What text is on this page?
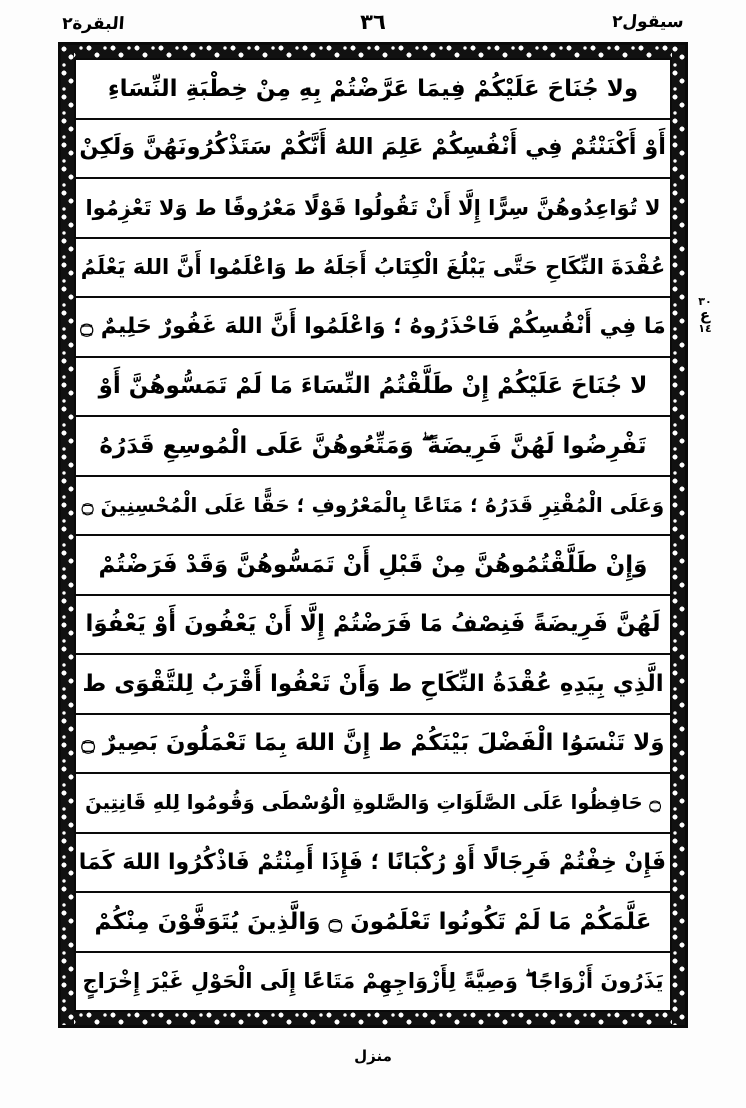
البقرة٢	٣٦	سيقول٢
ولا جُنَاحَ عَلَيْكُمْ فِيمَا عَرَّضْتُمْ بِهِ مِنْ خِطْبَةِ النِّسَاءِ
أَوْ أَكْنَنْتُمْ فِي أَنْفُسِكُمْ عَلِمَ اللهُ أَنَّكُمْ سَتَذْكُرُونَهُنَّ وَلَكِنْ
لا تُوَاعِدُوهُنَّ سِرًّا إِلَّا أَنْ تَقُولُوا قَوْلًا مَعْرُوفًا ط وَلا تَعْزِمُوا
عُقْدَةَ النِّكَاحِ حَتَّى يَبْلُغَ الْكِتَابُ أَجَلَهُ ط وَاعْلَمُوا أَنَّ اللهَ يَعْلَمُ
مَا فِي أَنْفُسِكُمْ فَاحْذَرُوهُ ؛ وَاعْلَمُوا أَنَّ اللهَ غَفُورٌ حَلِيمٌ ۝
لا جُنَاحَ عَلَيْكُمْ إِنْ طَلَّقْتُمُ النِّسَاءَ مَا لَمْ تَمَسُّوهُنَّ أَوْ
تَفْرِضُوا لَهُنَّ فَرِيضَةً ۖ وَمَتِّعُوهُنَّ عَلَى الْمُوسِعِ قَدَرُهُ
وَعَلَى الْمُقْتِرِ قَدَرُهُ ؛ مَتَاعًا بِالْمَعْرُوفِ ؛ حَقًّا عَلَى الْمُحْسِنِينَ ۝
وَإِنْ طَلَّقْتُمُوهُنَّ مِنْ قَبْلِ أَنْ تَمَسُّوهُنَّ وَقَدْ فَرَضْتُمْ
لَهُنَّ فَرِيضَةً فَنِصْفُ مَا فَرَضْتُمْ إِلَّا أَنْ يَعْفُونَ أَوْ يَعْفُوَا
الَّذِي بِيَدِهِ عُقْدَةُ النِّكَاحِ ط وَأَنْ تَعْفُوا أَقْرَبُ لِلتَّقْوَى ط
وَلا تَنْسَوُا الْفَضْلَ بَيْنَكُمْ ط إِنَّ اللهَ بِمَا تَعْمَلُونَ بَصِيرٌ ۝
۝ حَافِظُوا عَلَى الصَّلَوَاتِ وَالصَّلوةِ الْوُسْطَى وَقُومُوا لِلهِ قَانِتِينَ
فَإِنْ خِفْتُمْ فَرِجَالًا أَوْ رُكْبَانًا ؛ فَإِذَا أَمِنْتُمْ فَاذْكُرُوا اللهَ كَمَا
عَلَّمَكُمْ مَا لَمْ تَكُونُوا تَعْلَمُونَ ۝ وَالَّذِينَ يُتَوَفَّوْنَ مِنْكُمْ
يَذَرُونَ أَزْوَاجًا ۖ وَصِيَّةً لِأَزْوَاجِهِمْ مَتَاعًا إِلَى الْحَوْلِ غَيْرَ إِخْرَاجٍ
٣٠
ع
١٤
منزل
